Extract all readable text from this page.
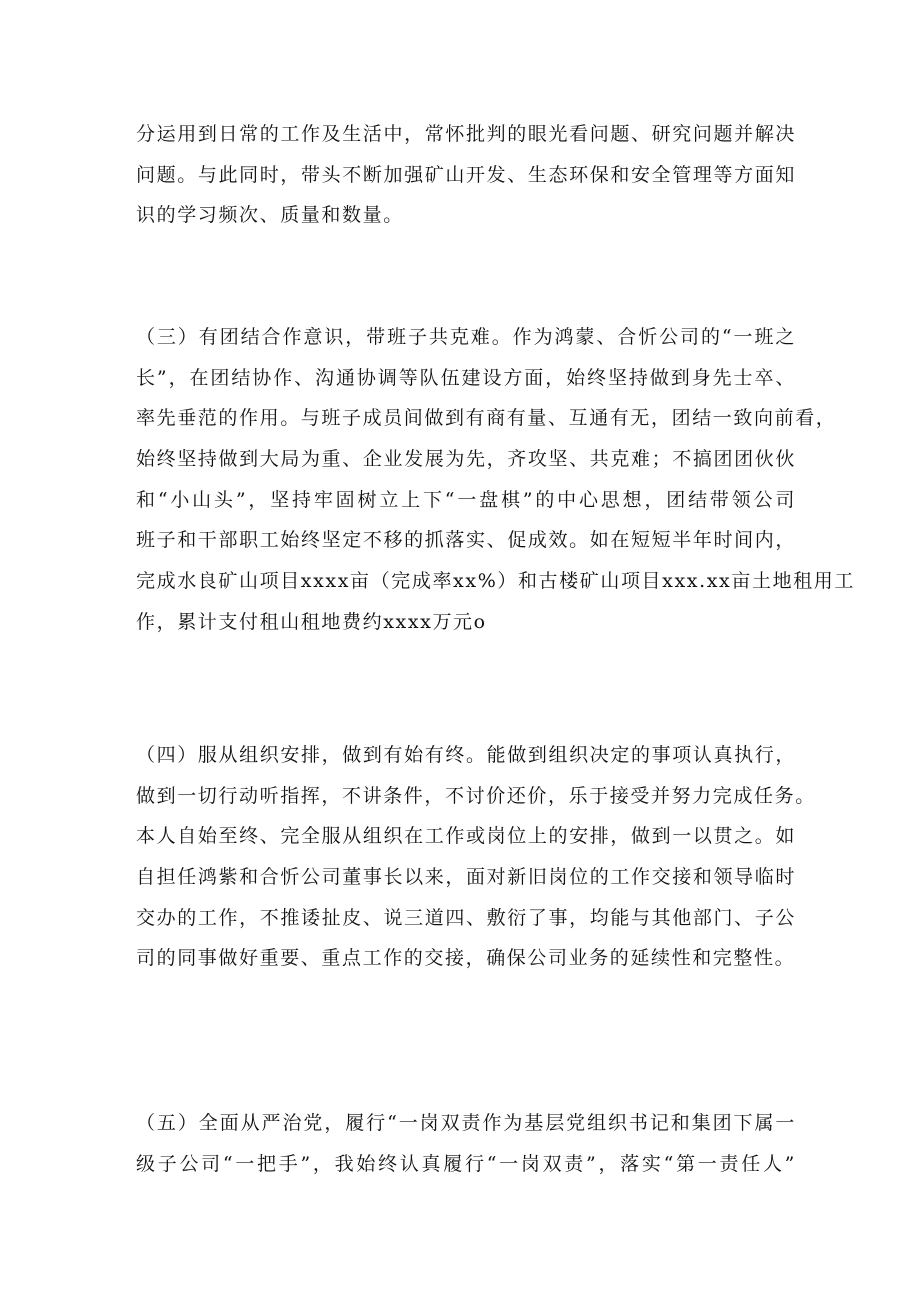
分运用到日常的工作及生活中，常怀批判的眼光看问题、研究问题并解决
问题。与此同时，带头不断加强矿山开发、生态环保和安全管理等方面知
识的学习频次、质量和数量。
（三）有团结合作意识，带班子共克难。作为鸿蒙、合忻公司的“一班之
长”，在团结协作、沟通协调等队伍建设方面，始终坚持做到身先士卒、
率先垂范的作用。与班子成员间做到有商有量、互通有无，团结一致向前看，
始终坚持做到大局为重、企业发展为先，齐攻坚、共克难；不搞团团伙伙
和“小山头”，坚持牢固树立上下“一盘棋”的中心思想，团结带领公司
班子和干部职工始终坚定不移的抓落实、促成效。如在短短半年时间内，
完成水良矿山项目xxxx亩（完成率xx%）和古楼矿山项目xxx.xx亩土地租用工
作，累计支付租山租地费约xxxx万元o
（四）服从组织安排，做到有始有终。能做到组织决定的事项认真执行，
做到一切行动听指挥，不讲条件，不讨价还价，乐于接受并努力完成任务。
本人自始至终、完全服从组织在工作或岗位上的安排，做到一以贯之。如
自担任鸿紫和合忻公司董事长以来，面对新旧岗位的工作交接和领导临时
交办的工作，不推诿扯皮、说三道四、敷衍了事，均能与其他部门、子公
司的同事做好重要、重点工作的交接，确保公司业务的延续性和完整性。
（五）全面从严治党，履行“一岗双责作为基层党组织书记和集团下属一
级子公司“一把手”，我始终认真履行“一岗双责”，落实“第一责任人”
